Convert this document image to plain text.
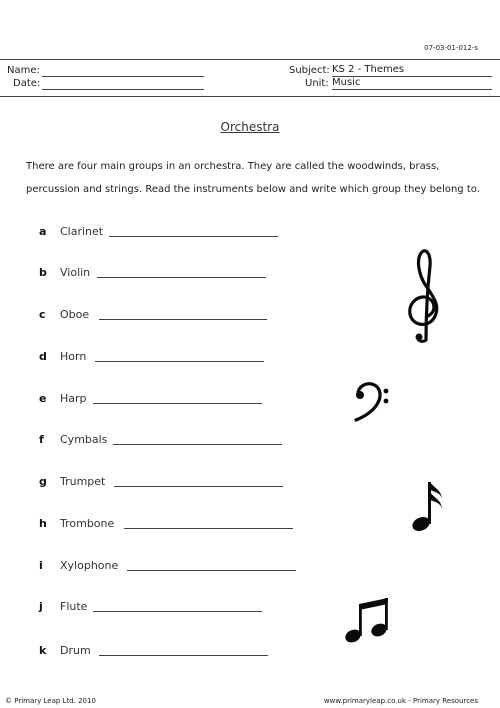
07-03-01-012-s
Name:
Date:
Subject: KS 2 - Themes
Unit: Music
Orchestra
There are four main groups in an orchestra. They are called the woodwinds, brass,
percussion and strings. Read the instruments below and write which group they belong to.
a Clarinet
b Violin
c Oboe
d Horn
e Harp
f Cymbals
g Trumpet
h Trombone
i Xylophone
j Flute
k Drum
© Primary Leap Ltd. 2010	www.primaryleap.co.uk - Primary Resources
